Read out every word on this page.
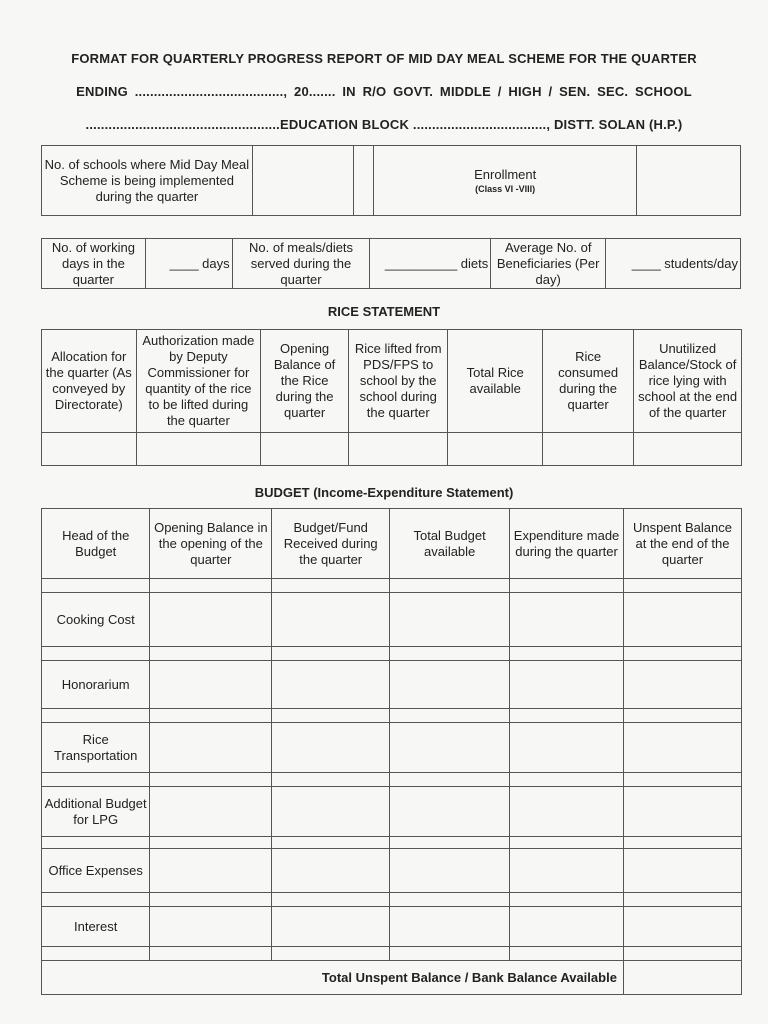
FORMAT FOR QUARTERLY PROGRESS REPORT OF MID DAY MEAL SCHEME FOR THE QUARTER
ENDING ......................................., 20....... IN R/O GOVT. MIDDLE / HIGH / SEN. SEC. SCHOOL
...................................................EDUCATION BLOCK ..................................., DISTT. SOLAN (H.P.)
No. of schools where Mid Day Meal Scheme is being implemented during the quarter			Enrollment
(Class VI -VIII)

No. of working days in the quarter	____ days	No. of meals/diets served during the quarter	__________ diets	Average No. of Beneficiaries (Per day)	____ students/day
RICE STATEMENT
Allocation for the quarter (As conveyed by Directorate)	Authorization made by Deputy Commissioner for quantity of the rice to be lifted during the quarter	Opening Balance of the Rice during the quarter	Rice lifted from PDS/FPS to school by the school during the quarter	Total Rice available	Rice consumed during the quarter	Unutilized Balance/Stock of rice lying with school at the end of the quarter

BUDGET (Income-Expenditure Statement)
Head of the Budget	Opening Balance in the opening of the quarter	Budget/Fund Received during the quarter	Total Budget available	Expenditure made during the quarter	Unspent Balance at the end of the quarter

Cooking Cost					

Honorarium					

Rice Transportation					

Additional Budget for LPG					

Office Expenses					

Interest					

Total Unspent Balance / Bank Balance Available					
